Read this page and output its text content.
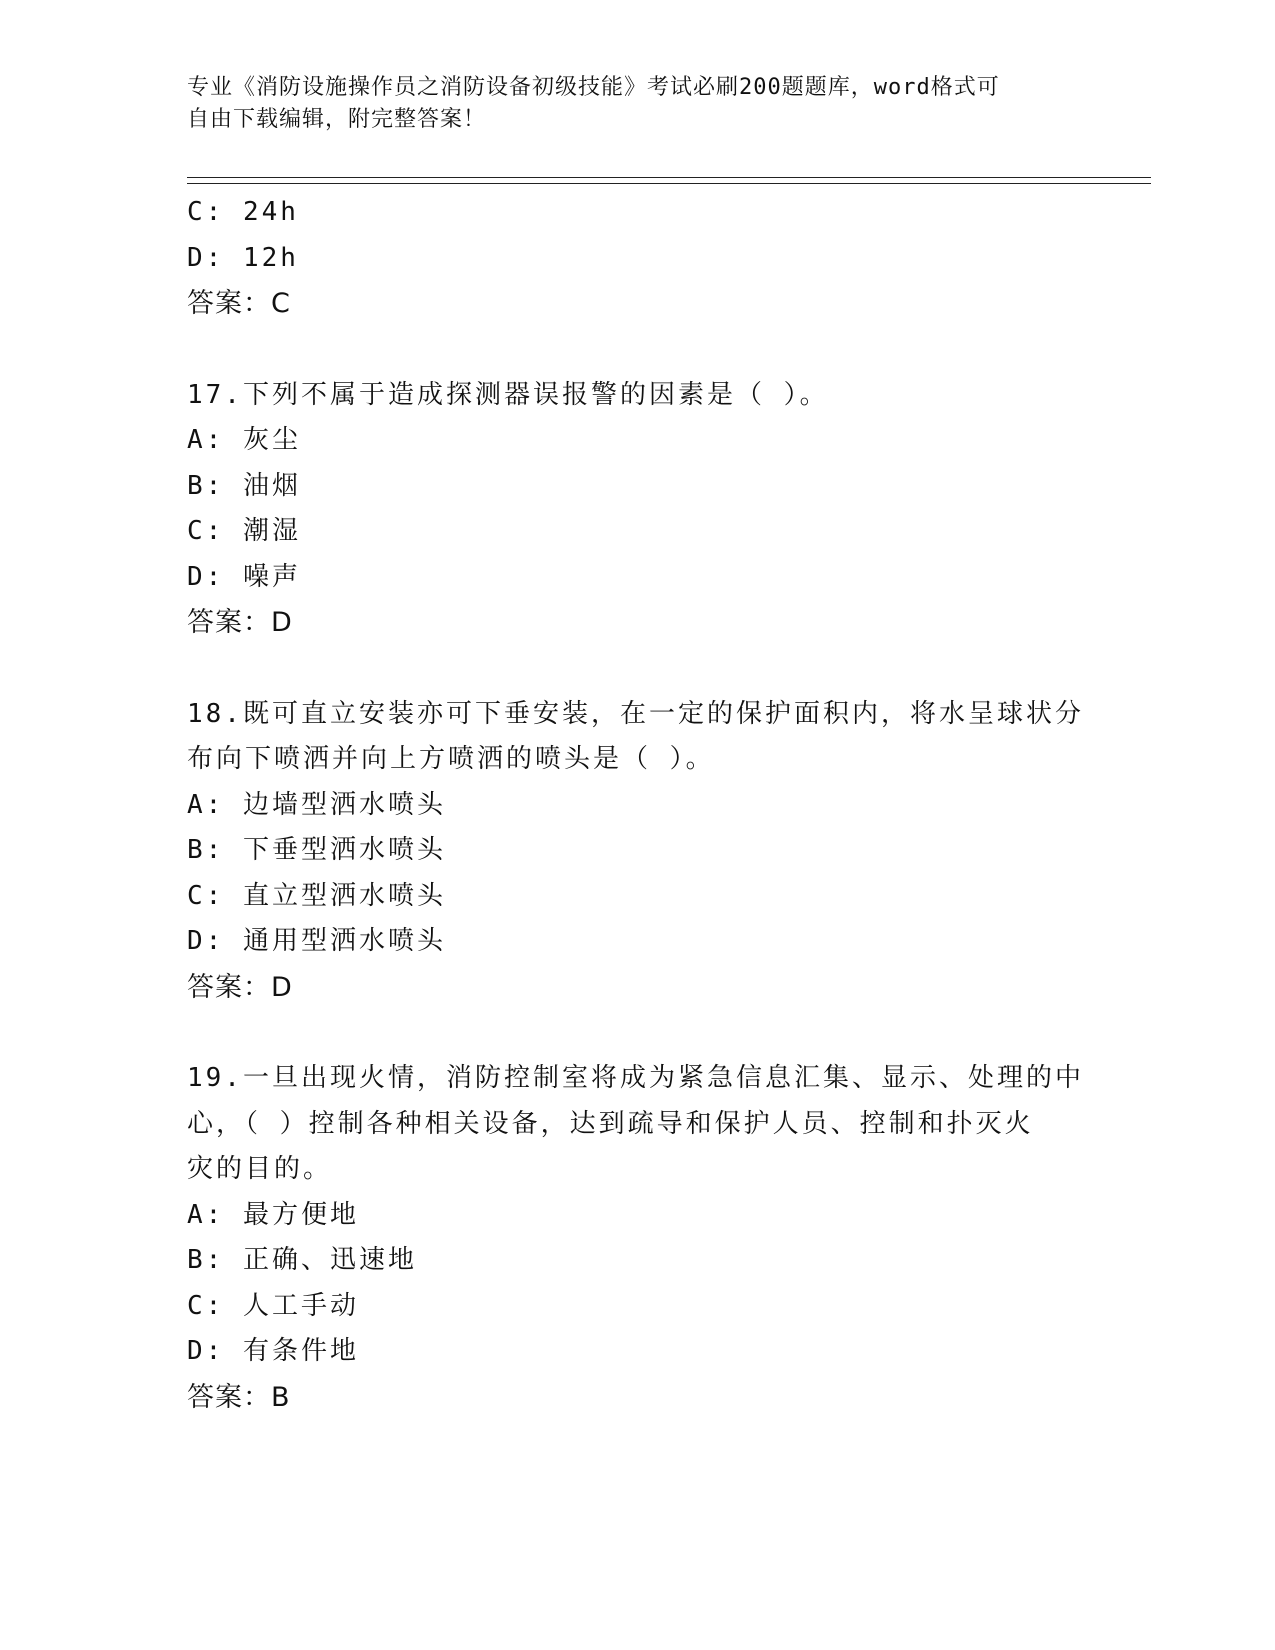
专业《消防设施操作员之消防设备初级技能》考试必刷200题题库，word格式可
自由下载编辑，附完整答案！
C: 24h
D: 12h
答案：C
17.下列不属于造成探测器误报警的因素是（ ）。
A: 灰尘
B: 油烟
C: 潮湿
D: 噪声
答案：D
18.既可直立安装亦可下垂安装，在一定的保护面积内，将水呈球状分
布向下喷洒并向上方喷洒的喷头是（ ）。
A: 边墙型洒水喷头
B: 下垂型洒水喷头
C: 直立型洒水喷头
D: 通用型洒水喷头
答案：D
19.一旦出现火情，消防控制室将成为紧急信息汇集、显示、处理的中
心，（ ）控制各种相关设备，达到疏导和保护人员、控制和扑灭火
灾的目的。
A: 最方便地
B: 正确、迅速地
C: 人工手动
D: 有条件地
答案：B
